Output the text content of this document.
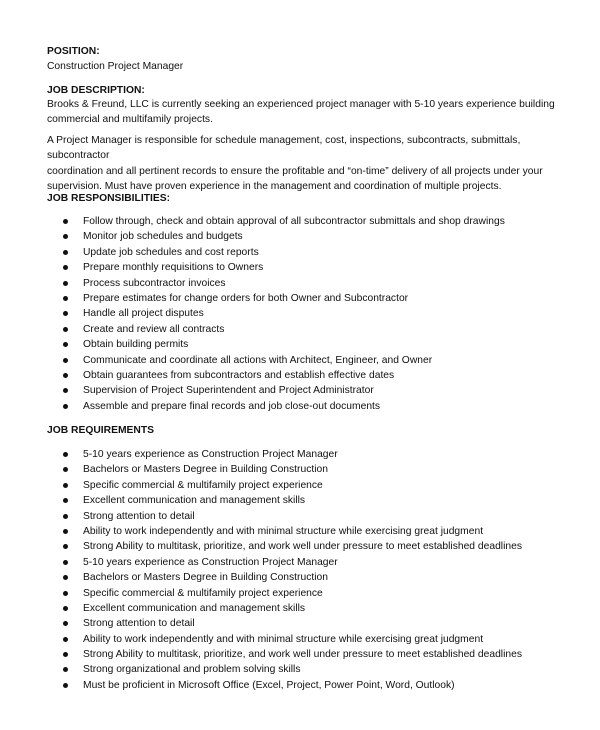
POSITION:
Construction Project Manager
JOB DESCRIPTION:
Brooks & Freund, LLC is currently seeking an experienced project manager with 5-10 years experience building
commercial and multifamily projects.
A Project Manager is responsible for schedule management, cost, inspections, subcontracts, submittals, subcontractor
coordination and all pertinent records to ensure the profitable and “on-time” delivery of all projects under your
supervision. Must have proven experience in the management and coordination of multiple projects.
JOB RESPONSIBILITIES:
Follow through, check and obtain approval of all subcontractor submittals and shop drawings
Monitor job schedules and budgets
Update job schedules and cost reports
Prepare monthly requisitions to Owners
Process subcontractor invoices
Prepare estimates for change orders for both Owner and Subcontractor
Handle all project disputes
Create and review all contracts
Obtain building permits
Communicate and coordinate all actions with Architect, Engineer, and Owner
Obtain guarantees from subcontractors and establish effective dates
Supervision of Project Superintendent and Project Administrator
Assemble and prepare final records and job close-out documents
JOB REQUIREMENTS
5-10 years experience as Construction Project Manager
Bachelors or Masters Degree in Building Construction
Specific commercial & multifamily project experience
Excellent communication and management skills
Strong attention to detail
Ability to work independently and with minimal structure while exercising great judgment
Strong Ability to multitask, prioritize, and work well under pressure to meet established deadlines
5-10 years experience as Construction Project Manager
Bachelors or Masters Degree in Building Construction
Specific commercial & multifamily project experience
Excellent communication and management skills
Strong attention to detail
Ability to work independently and with minimal structure while exercising great judgment
Strong Ability to multitask, prioritize, and work well under pressure to meet established deadlines
Strong organizational and problem solving skills
Must be proficient in Microsoft Office (Excel, Project, Power Point, Word, Outlook)
